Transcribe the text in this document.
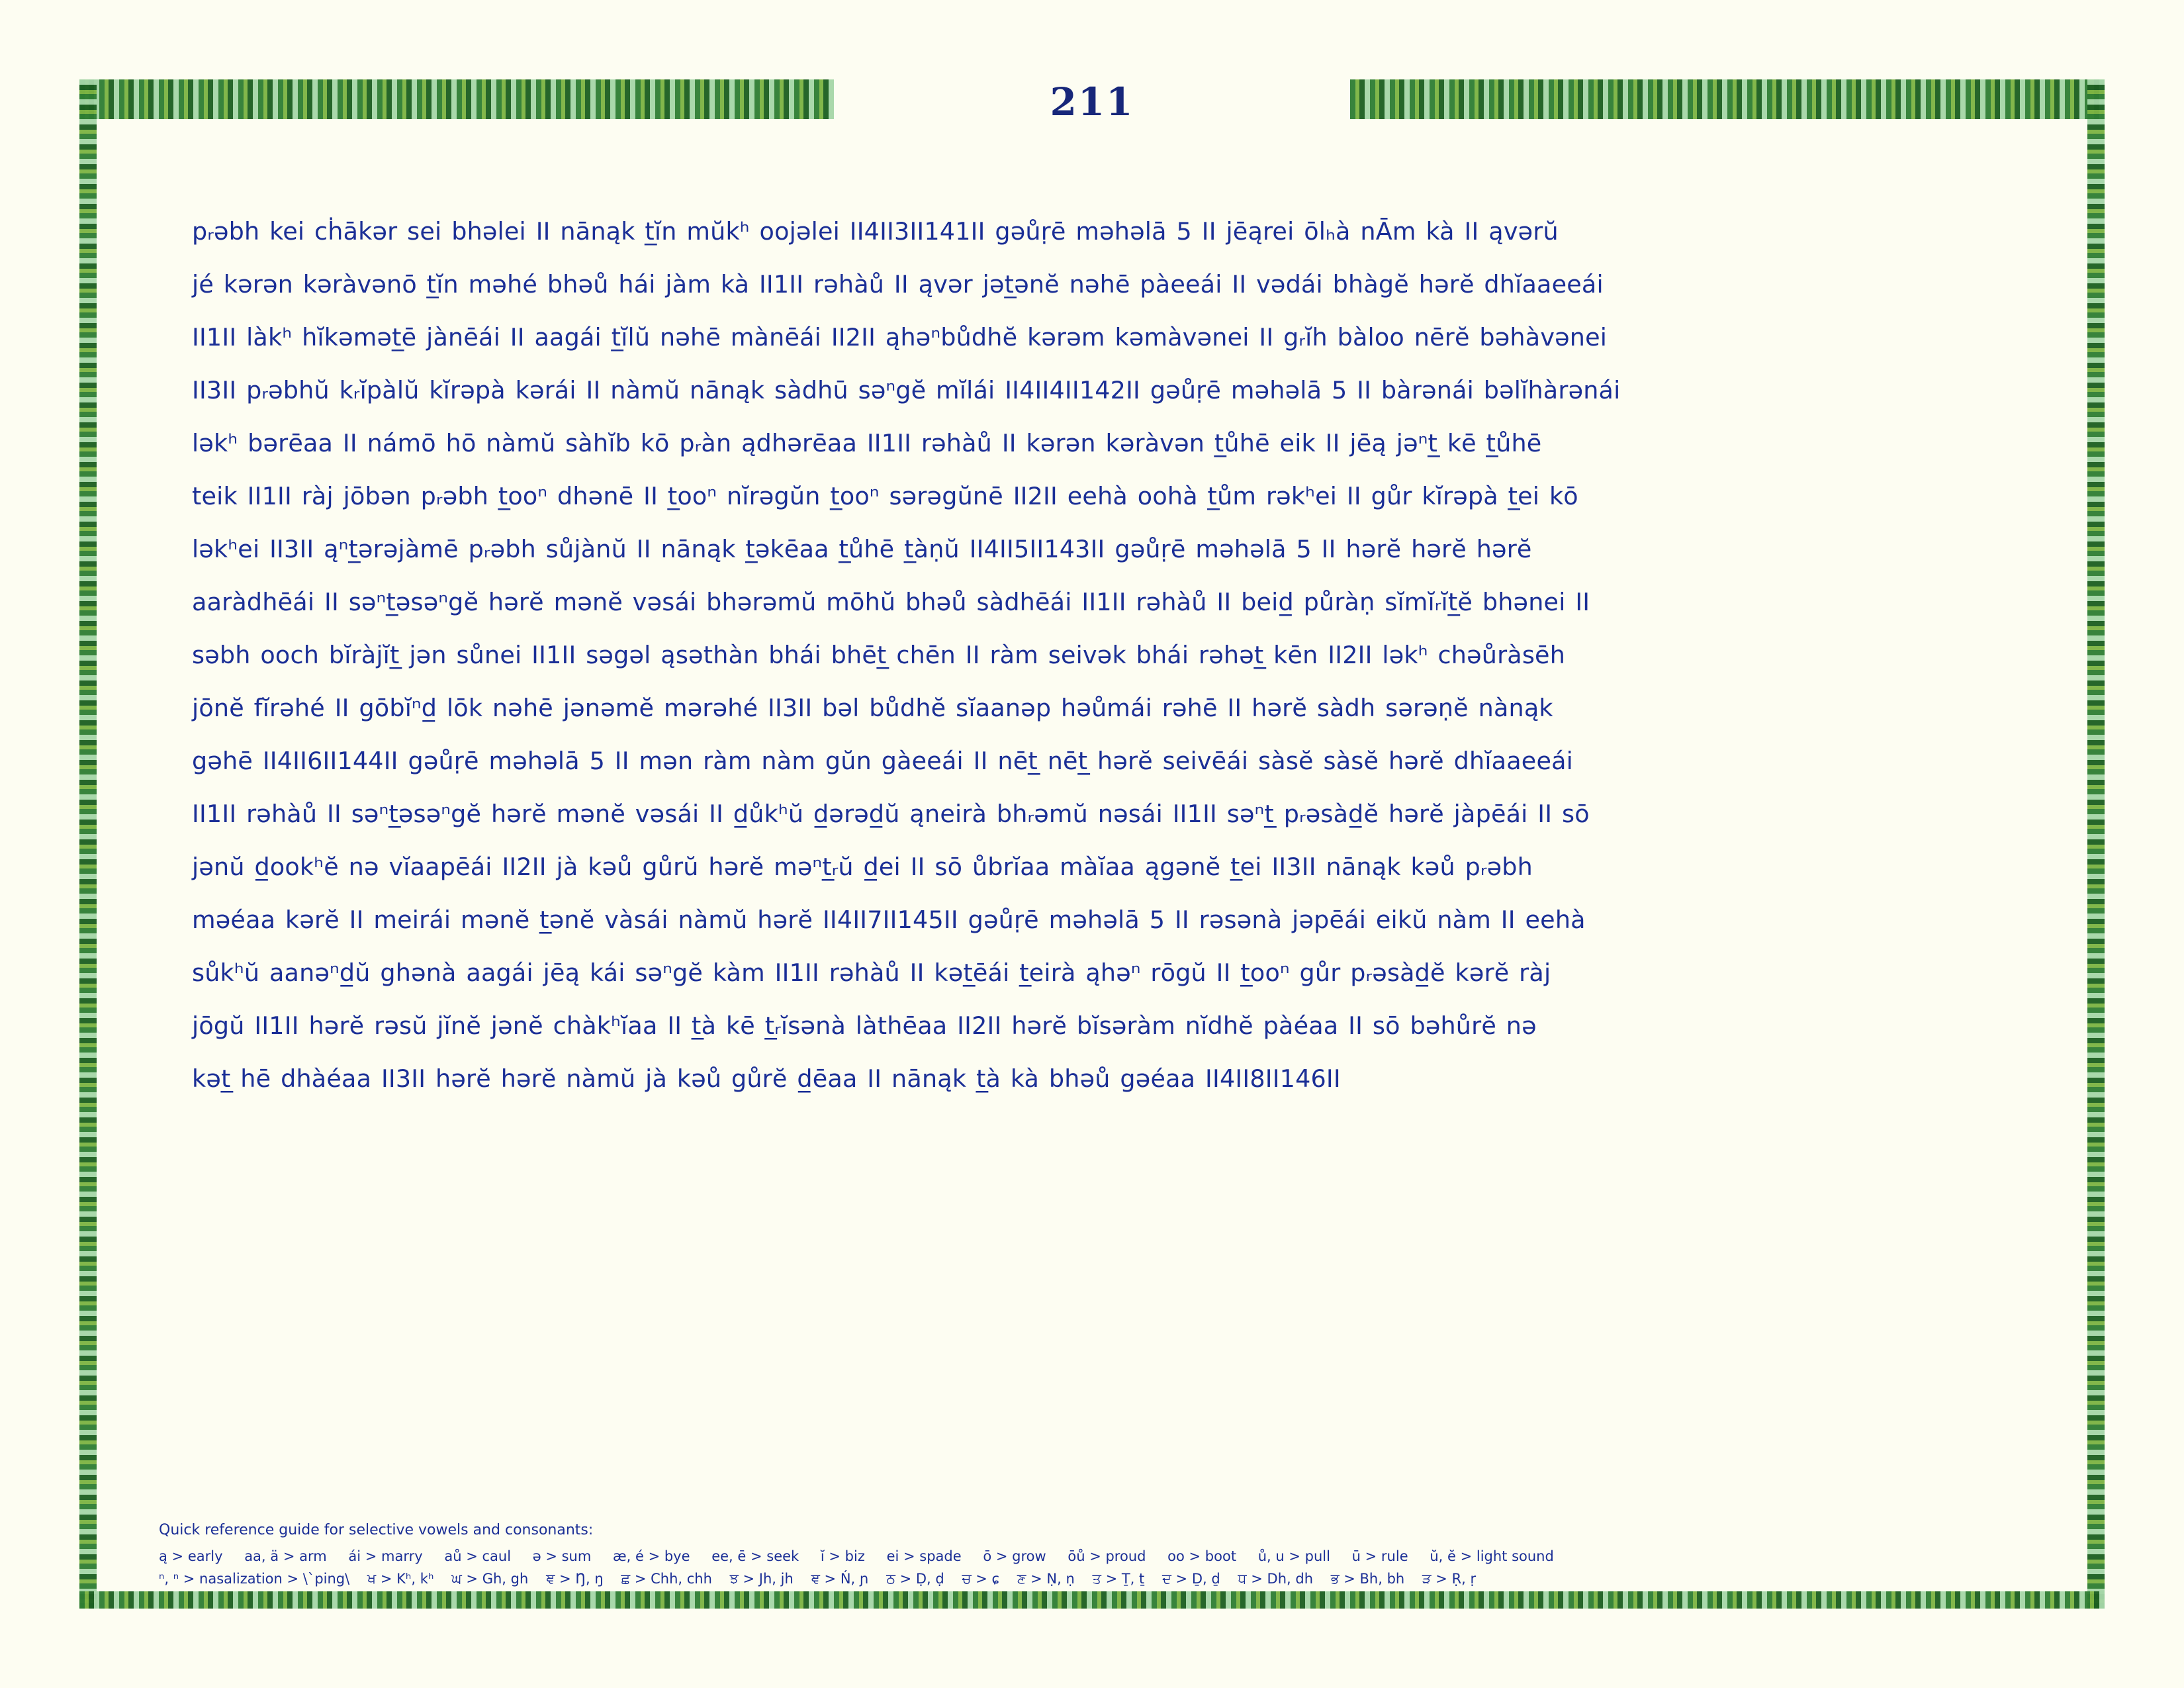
211
pᵣəbh kei cḣākər sei bhəlei II nānąk t̲ĭn mŭkʰ oojəlei II4II3II141II gəůṛē məhəlā 5 II jēąrei ōlₕà nĀm kà II ąvərŭ
jé kərən kəràvənō t̲ĭn məhé bhəů hái jàm kà II1II rəhàů II ąvər jət̲ənĕ nəhē pàeeái II vədái bhàgĕ hərĕ dhĭaaeeái
II1II làkʰ hĭkəmət̲ē jànēái II aagái t̲ĭlŭ nəhē mànēái II2II ąhəⁿbůdhĕ kərəm kəmàvənei II gᵣĭh bàloo nērĕ bəhàvənei
II3II pᵣəbhŭ kᵣĭpàlŭ kĭrəpà kərái II nàmŭ nānąk sàdhū səⁿgĕ mĭlái II4II4II142II gəůṛē məhəlā 5 II bàrənái bəlĭhàrənái
ləkʰ bərēaa II námō hō nàmŭ sàhĭb kō pᵣàn ądhərēaa II1II rəhàů II kərən kəràvən t̲ůhē eik II jēą jəⁿt̲ kē t̲ůhē
teik II1II ràj jōbən pᵣəbh t̲ooⁿ dhənē II t̲ooⁿ nĭrəgŭn t̲ooⁿ sərəgŭnē II2II eehà oohà t̲ům rəkʰei II gůr kĭrəpà t̲ei kō
ləkʰei II3II ąⁿt̲ərəjàmē pᵣəbh sůjànŭ II nānąk t̲əkēaa t̲ůhē t̲àṇŭ II4II5II143II gəůṛē məhəlā 5 II hərĕ hərĕ hərĕ
aaràdhēái II səⁿt̲əsəⁿgĕ hərĕ mənĕ vəsái bhərəmŭ mōhŭ bhəů sàdhēái II1II rəhàů II beid̲ půràṇ sĭmĭᵣĭt̲ĕ bhənei II
səbh ooch bĭràjĭt̲ jən sůnei II1II səgəl ąsəthàn bhái bhēt̲ chēn II ràm seivək bhái rəhət̲ kēn II2II ləkʰ chəůràsēh
jōnĕ fĭrəhé II gōbĭⁿd̲ lōk nəhē jənəmĕ mərəhé II3II bəl bůdhĕ sĭaanəp həůmái rəhē II hərĕ sàdh sərəṇĕ nànąk
gəhē II4II6II144II gəůṛē məhəlā 5 II mən ràm nàm gŭn gàeeái II nēt̲ nēt̲ hərĕ seivēái sàsĕ sàsĕ hərĕ dhĭaaeeái
II1II rəhàů II səⁿt̲əsəⁿgĕ hərĕ mənĕ vəsái II d̲ůkʰŭ d̲ərəd̲ŭ ąneirà bhᵣəmŭ nəsái II1II səⁿt̲ pᵣəsàd̲ĕ hərĕ jàpēái II sō
jənŭ d̲ookʰĕ nə vĭaapēái II2II jà kəů gůrŭ hərĕ məⁿt̲ᵣŭ d̲ei II sō ůbrĭaa màĭaa ągənĕ t̲ei II3II nānąk kəů pᵣəbh
məéaa kərĕ II meirái mənĕ t̲ənĕ vàsái nàmŭ hərĕ II4II7II145II gəůṛē məhəlā 5 II rəsənà jəpēái eikŭ nàm II eehà
sůkʰŭ aanəⁿd̲ŭ ghənà aagái jēą kái səⁿgĕ kàm II1II rəhàů II kət̲ēái t̲eirà ąhəⁿ rōgŭ II t̲ooⁿ gůr pᵣəsàd̲ĕ kərĕ ràj
jōgŭ II1II hərĕ rəsŭ jĭnĕ jənĕ chàkʰĭaa II t̲à kē t̲ᵣĭsənà làthēaa II2II hərĕ bĭsəràm nĭdhĕ pàéaa II sō bəhůrĕ nə
kət̲ hē dhàéaa II3II hərĕ hərĕ nàmŭ jà kəů gůrĕ d̲ēaa II nānąk t̲à kà bhəů gəéaa II4II8II146II
Quick reference guide for selective vowels and consonants:
ą > early aa, ä > arm ái > marry aů > caul ə > sum æ, é > bye ee, ē > seek ĭ > biz ei > spade ō > grow ōů > proud oo > boot ů, u > pull ū > rule ŭ, ĕ > light sound
ⁿ, ⁿ > nasalization > \`ping\ ਖ > Kʰ, kʰ ਘ > Gh, gh ਞ > Ŋ, ŋ ਛ > Chh, chh ਝ > Jh, jh ਞ > Ń, ɲ ਠ > Ḍ, ḍ ਚ > ɕ ਣ > Ṇ, ṇ ਤ > Ṯ, ṯ ਦ > Ḏ, ḏ ਧ > Dh, dh ਭ > Bh, bh ੜ > Ṛ, ṛ
